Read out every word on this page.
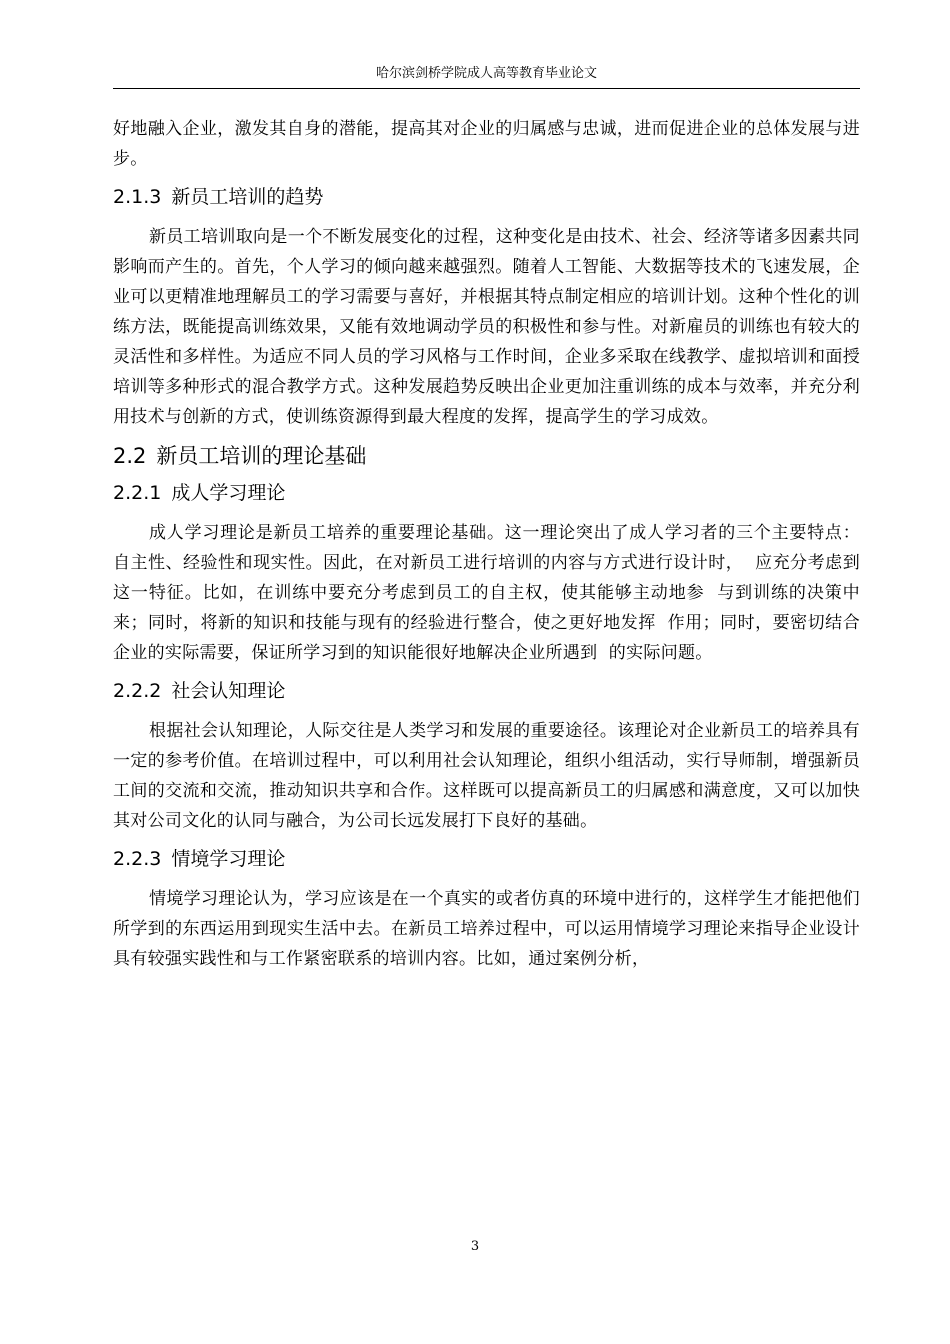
哈尔滨剑桥学院成人高等教育毕业论文

好地融入企业，激发其自身的潜能，提高其对企业的归属感与忠诚，进而促进企业的总体发展与进步。

2.1.3 新员工培训的趋势

新员工培训取向是一个不断发展变化的过程，这种变化是由技术、社会、经济等诸多因素共同影响而产生的。首先，个人学习的倾向越来越强烈。随着人工智能、大数据等技术的飞速发展，企业可以更精准地理解员工的学习需要与喜好，并根据其特点制定相应的培训计划。这种个性化的训练方法，既能提高训练效果，又能有效地调动学员的积极性和参与性。对新雇员的训练也有较大的灵活性和多样性。为适应不同人员的学习风格与工作时间，企业多采取在线教学、虚拟培训和面授培训等多种形式的混合教学方式。这种发展趋势反映出企业更加注重训练的成本与效率，并充分利用技术与创新的方式，使训练资源得到最大程度的发挥，提高学生的学习成效。

2.2 新员工培训的理论基础
2.2.1 成人学习理论

成人学习理论是新员工培养的重要理论基础。这一理论突出了成人学习者的三个主要特点：  自主性、经验性和现实性。因此，在对新员工进行培训的内容与方式进行设计时，  应充分考虑到这一特征。比如，在训练中要充分考虑到员工的自主权，使其能够主动地参  与到训练的决策中来；同时，将新的知识和技能与现有的经验进行整合，使之更好地发挥  作用；同时，要密切结合企业的实际需要，保证所学习到的知识能很好地解决企业所遇到  的实际问题。

2.2.2 社会认知理论

根据社会认知理论，人际交往是人类学习和发展的重要途径。该理论对企业新员工的培养具有一定的参考价值。在培训过程中，可以利用社会认知理论，组织小组活动，实行导师制，增强新员工间的交流和交流，推动知识共享和合作。这样既可以提高新员工的归属感和满意度，又可以加快其对公司文化的认同与融合，为公司长远发展打下良好的基础。

2.2.3 情境学习理论

情境学习理论认为，学习应该是在一个真实的或者仿真的环境中进行的，这样学生才能把他们所学到的东西运用到现实生活中去。在新员工培养过程中，可以运用情境学习理论来指导企业设计具有较强实践性和与工作紧密联系的培训内容。比如，通过案例分析，

3
